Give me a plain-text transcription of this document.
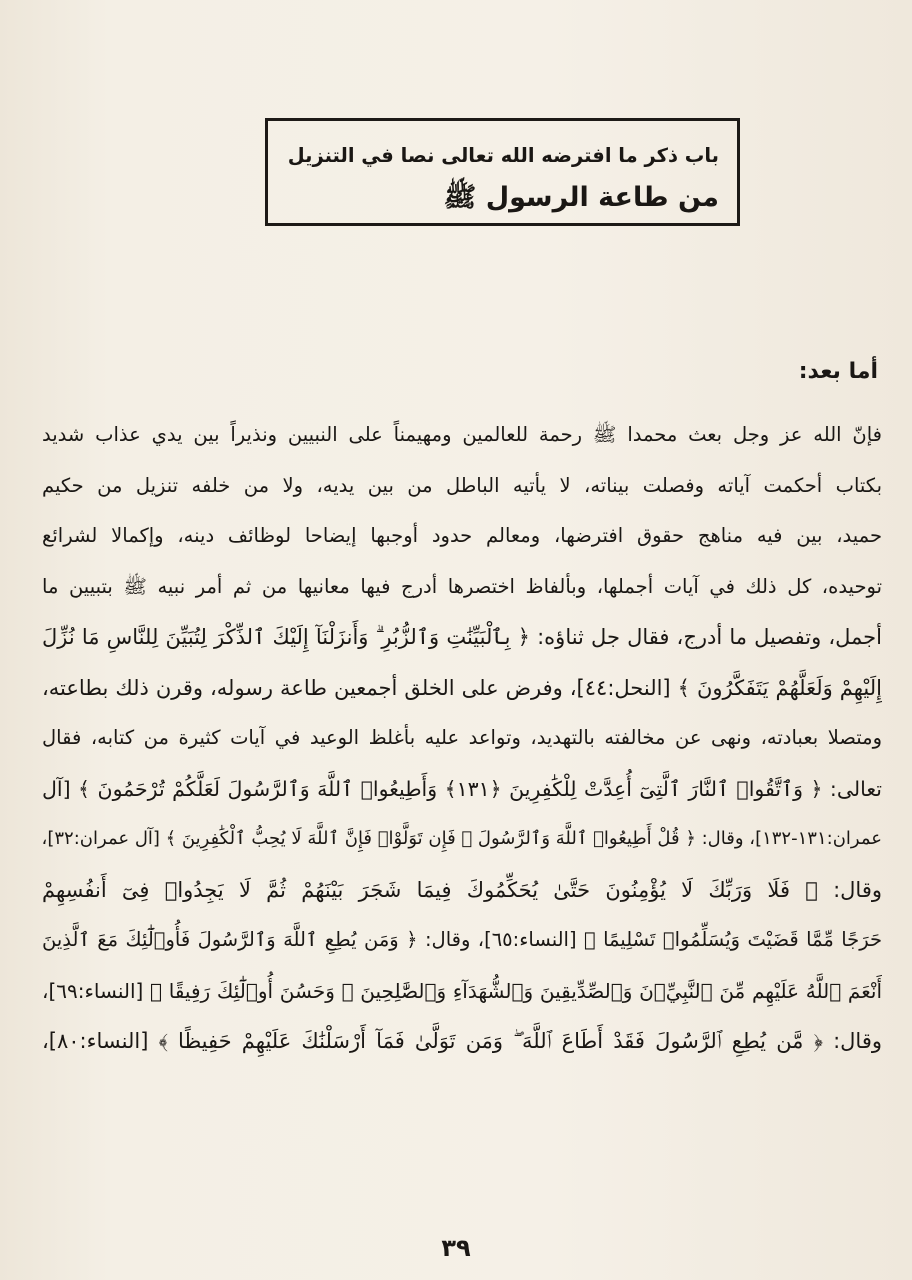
باب ذكر ما افترضه الله تعالى نصا في التنزيل
من طاعة الرسول ﷺ
أما بعد:
فإنّ الله عز وجل بعث محمدا ﷺ رحمة للعالمين ومهيمناً على النبيين ونذيراً بين يدي عذاب شديد
بكتاب أحكمت آياته وفصلت بيناته، لا يأتيه الباطل من بين يديه، ولا من خلفه تنزيل من حكيم
حميد، بين فيه مناهج حقوق افترضها، ومعالم حدود أوجبها إيضاحا لوظائف دينه، وإكمالا لشرائع
توحيده، كل ذلك في آيات أجملها، وبألفاظ اختصرها أدرج فيها معانيها من ثم أمر نبيه ﷺ بتبيين ما
أجمل، وتفصيل ما أدرج، فقال جل ثناؤه: ﴿ بِٱلْبَيِّنَٰتِ وَٱلزُّبُرِ ۗ وَأَنزَلْنَآ إِلَيْكَ ٱلذِّكْرَ لِتُبَيِّنَ لِلنَّاسِ مَا نُزِّلَ
إِلَيْهِمْ وَلَعَلَّهُمْ يَتَفَكَّرُونَ ﴾ [النحل:٤٤]، وفرض على الخلق أجمعين طاعة رسوله، وقرن ذلك بطاعته،
ومتصلا بعبادته، ونهى عن مخالفته بالتهديد، وتواعد عليه بأغلظ الوعيد في آيات كثيرة من كتابه، فقال
تعالى: ﴿ وَٱتَّقُوا۟ ٱلنَّارَ ٱلَّتِىٓ أُعِدَّتْ لِلْكَٰفِرِينَ ﴿١٣١﴾ وَأَطِيعُوا۟ ٱللَّهَ وَٱلرَّسُولَ لَعَلَّكُمْ تُرْحَمُونَ ﴾ [آل
عمران:١٣١-١٣٢]، وقال: ﴿ قُلْ أَطِيعُوا۟ ٱللَّهَ وَٱلرَّسُولَ ۖ فَإِن تَوَلَّوْا۟ فَإِنَّ ٱللَّهَ لَا يُحِبُّ ٱلْكَٰفِرِينَ ﴾ [آل عمران:٣٢]،
وقال: ﴿ فَلَا وَرَبِّكَ لَا يُؤْمِنُونَ حَتَّىٰ يُحَكِّمُوكَ فِيمَا شَجَرَ بَيْنَهُمْ ثُمَّ لَا يَجِدُوا۟ فِىٓ أَنفُسِهِمْ
حَرَجًا مِّمَّا قَضَيْتَ وَيُسَلِّمُوا۟ تَسْلِيمًا ﴾ [النساء:٦٥]، وقال: ﴿ وَمَن يُطِعِ ٱللَّهَ وَٱلرَّسُولَ فَأُو۟لَٰٓئِكَ مَعَ ٱلَّذِينَ
أَنْعَمَ ٱللَّهُ عَلَيْهِم مِّنَ ٱلنَّبِيِّۦنَ وَٱلصِّدِّيقِينَ وَٱلشُّهَدَآءِ وَٱلصَّٰلِحِينَ ۚ وَحَسُنَ أُو۟لَٰٓئِكَ رَفِيقًا ﴾ [النساء:٦٩]،
وقال: ﴿ مَّن يُطِعِ ٱلرَّسُولَ فَقَدْ أَطَاعَ ٱللَّهَ ۖ وَمَن تَوَلَّىٰ فَمَآ أَرْسَلْنَٰكَ عَلَيْهِمْ حَفِيظًا ﴾ [النساء:٨٠]،
٣٩
